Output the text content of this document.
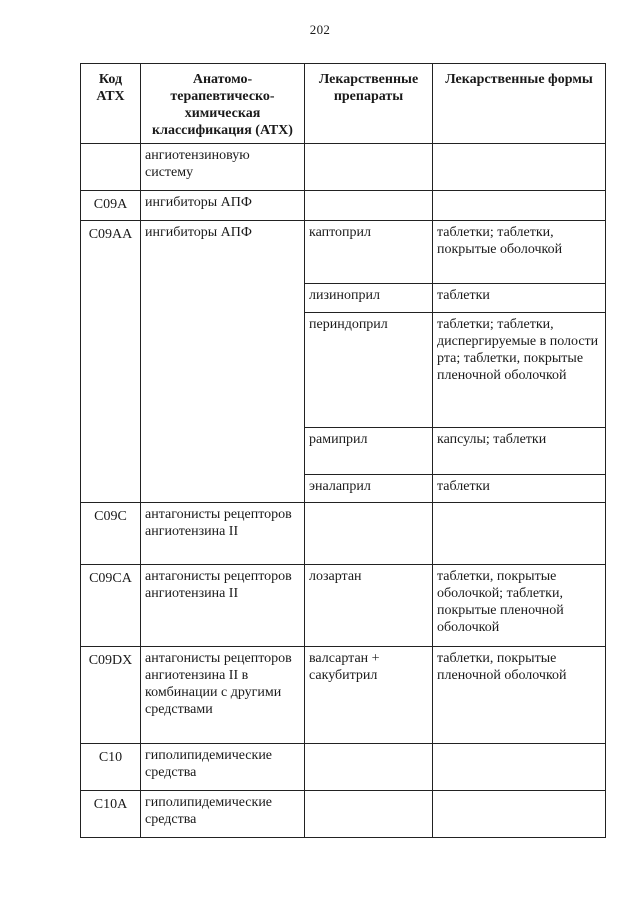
202
Код АТХ	Анатомо-терапевтическо-химическая классификация (АТХ)	Лекарственные препараты	Лекарственные формы
	ангиотензиновую систему		
C09A	ингибиторы АПФ		
C09AA	ингибиторы АПФ	каптоприл	таблетки; таблетки, покрытые оболочкой
		лизиноприл	таблетки
		периндоприл	таблетки; таблетки, диспергируемые в полости рта; таблетки, покрытые пленочной оболочкой
		рамиприл	капсулы; таблетки
		эналаприл	таблетки
C09C	антагонисты рецепторов ангиотензина II		
C09CA	антагонисты рецепторов ангиотензина II	лозартан	таблетки, покрытые оболочкой; таблетки, покрытые пленочной оболочкой
C09DX	антагонисты рецепторов ангиотензина II в комбинации с другими средствами	валсартан + сакубитрил	таблетки, покрытые пленочной оболочкой
C10	гиполипидемические средства		
C10A	гиполипидемические средства		
